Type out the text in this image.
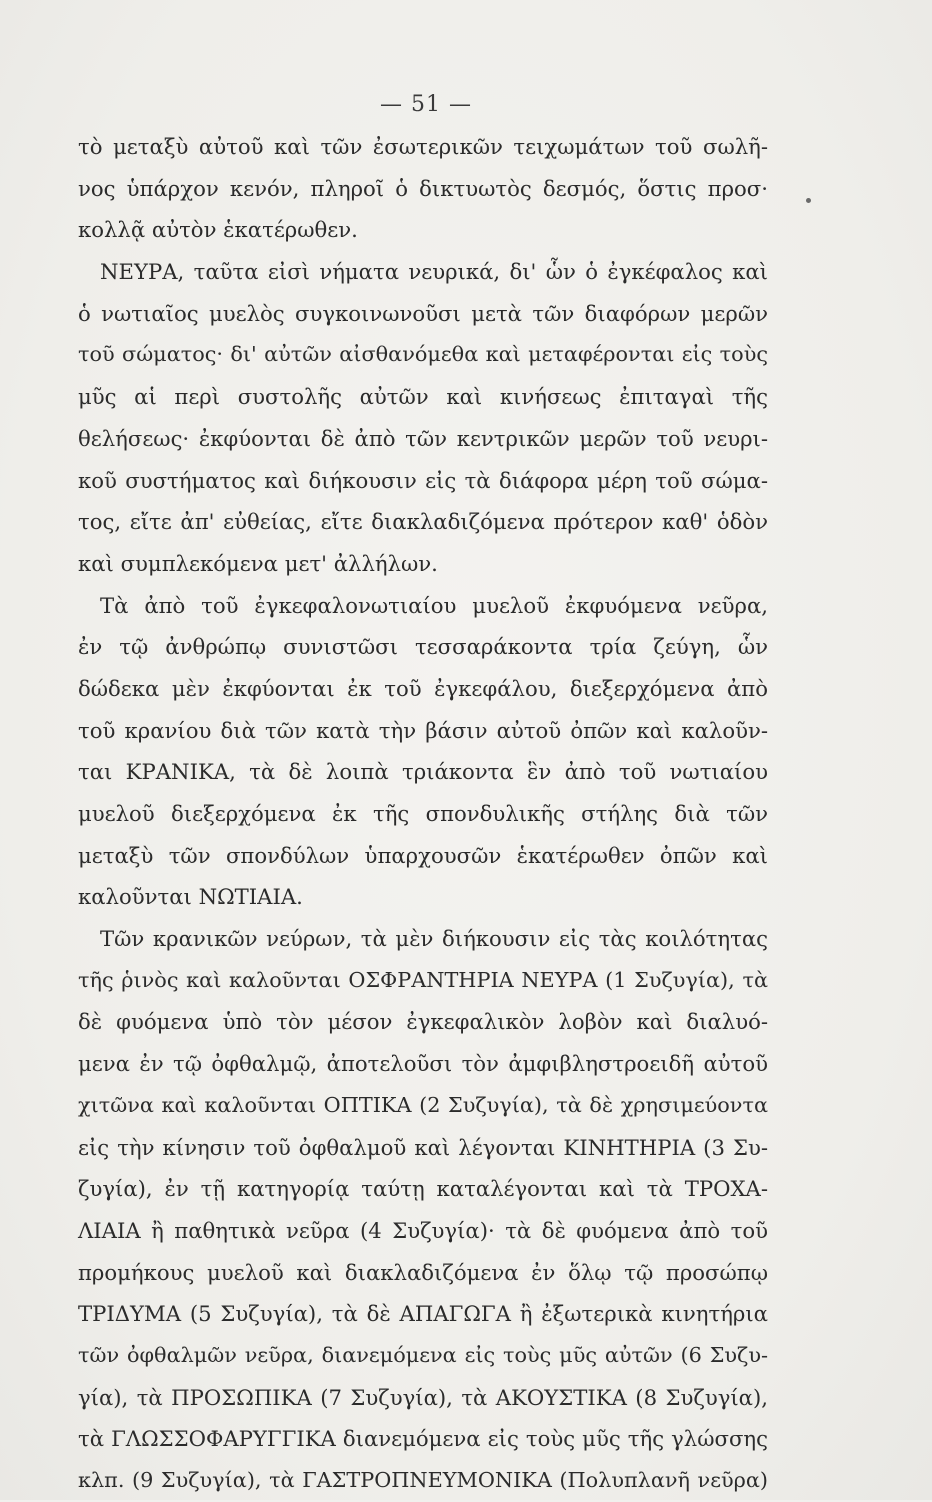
— 51 —
τὸ μεταξὺ αὐτοῦ καὶ τῶν ἐσωτερικῶν τειχωμάτων τοῦ σωλῆ-
νος ὑπάρχον κενόν, πληροῖ ὁ δικτυωτὸς δεσμός, ὅστις προσ·
κολλᾷ αὐτὸν ἑκατέρωθεν.
ΝΕΥΡΑ, ταῦτα εἰσὶ νήματα νευρικά, δι' ὧν ὁ ἐγκέφαλος καὶ
ὁ νωτιαῖος μυελὸς συγκοινωνοῦσι μετὰ τῶν διαφόρων μερῶν
τοῦ σώματος· δι' αὐτῶν αἰσθανόμεθα καὶ μεταφέρονται εἰς τοὺς
μῦς αἱ περὶ συστολῆς αὐτῶν καὶ κινήσεως ἐπιταγαὶ τῆς
θελήσεως· ἐκφύονται δὲ ἀπὸ τῶν κεντρικῶν μερῶν τοῦ νευρι-
κοῦ συστήματος καὶ διήκουσιν εἰς τὰ διάφορα μέρη τοῦ σώμα-
τος, εἴτε ἀπ' εὐθείας, εἴτε διακλαδιζόμενα πρότερον καθ' ὁδὸν
καὶ συμπλεκόμενα μετ' ἀλλήλων.
Τὰ ἀπὸ τοῦ ἐγκεφαλονωτιαίου μυελοῦ ἐκφυόμενα νεῦρα,
ἐν τῷ ἀνθρώπῳ συνιστῶσι τεσσαράκοντα τρία ζεύγη, ὧν
δώδεκα μὲν ἐκφύονται ἐκ τοῦ ἐγκεφάλου, διεξερχόμενα ἀπὸ
τοῦ κρανίου διὰ τῶν κατὰ τὴν βάσιν αὐτοῦ ὀπῶν καὶ καλοῦν-
ται ΚΡΑΝΙΚΑ, τὰ δὲ λοιπὰ τριάκοντα ἓν ἀπὸ τοῦ νωτιαίου
μυελοῦ διεξερχόμενα ἐκ τῆς σπονδυλικῆς στήλης διὰ τῶν
μεταξὺ τῶν σπονδύλων ὑπαρχουσῶν ἑκατέρωθεν ὀπῶν καὶ
καλοῦνται ΝΩΤΙΑΙΑ.
Τῶν κρανικῶν νεύρων, τὰ μὲν διήκουσιν εἰς τὰς κοιλότητας
τῆς ῥινὸς καὶ καλοῦνται ΟΣΦΡΑΝΤΗΡΙΑ ΝΕΥΡΑ (1 Συζυγία), τὰ
δὲ φυόμενα ὑπὸ τὸν μέσον ἐγκεφαλικὸν λοβὸν καὶ διαλυό-
μενα ἐν τῷ ὀφθαλμῷ, ἀποτελοῦσι τὸν ἀμφιβληστροειδῆ αὐτοῦ
χιτῶνα καὶ καλοῦνται ΟΠΤΙΚΑ (2 Συζυγία), τὰ δὲ χρησιμεύοντα
εἰς τὴν κίνησιν τοῦ ὀφθαλμοῦ καὶ λέγονται ΚΙΝΗΤΗΡΙΑ (3 Συ-
ζυγία), ἐν τῇ κατηγορίᾳ ταύτῃ καταλέγονται καὶ τὰ ΤΡΟΧΑ-
ΛΙΑΙΑ ἢ παθητικὰ νεῦρα (4 Συζυγία)· τὰ δὲ φυόμενα ἀπὸ τοῦ
προμήκους μυελοῦ καὶ διακλαδιζόμενα ἐν ὅλῳ τῷ προσώπῳ
ΤΡΙΔΥΜΑ (5 Συζυγία), τὰ δὲ ΑΠΑΓΩΓΑ ἢ ἐξωτερικὰ κινητήρια
τῶν ὀφθαλμῶν νεῦρα, διανεμόμενα εἰς τοὺς μῦς αὐτῶν (6 Συζυ-
γία), τὰ ΠΡΟΣΩΠΙΚΑ (7 Συζυγία), τὰ ΑΚΟΥΣΤΙΚΑ (8 Συζυγία),
τὰ ΓΛΩΣΣΟΦΑΡΥΓΓΙΚΑ διανεμόμενα εἰς τοὺς μῦς τῆς γλώσσης
κλπ. (9 Συζυγία), τὰ ΓΑΣΤΡΟΠΝΕΥΜΟΝΙΚΑ (Πολυπλανῆ νεῦρα)
